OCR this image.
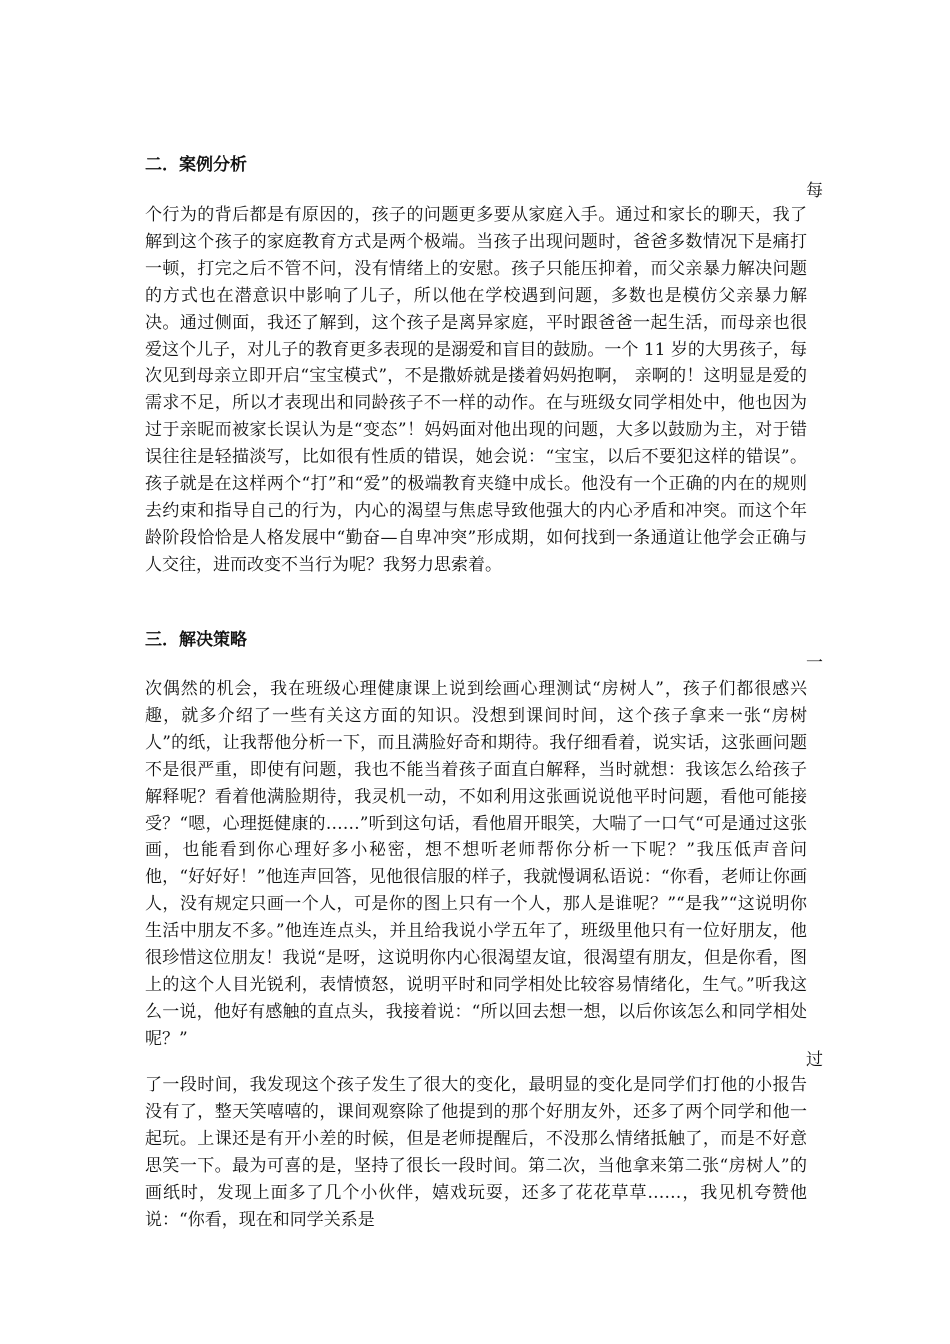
二．案例分析

每

个行为的背后都是有原因的，孩子的问题更多要从家庭入手。通过和家长的聊天，我了解到这个孩子的家庭教育方式是两个极端。当孩子出现问题时，爸爸多数情况下是痛打一顿，打完之后不管不问，没有情绪上的安慰。孩子只能压抑着，而父亲暴力解决问题的方式也在潜意识中影响了儿子，所以他在学校遇到问题，多数也是模仿父亲暴力解决。通过侧面，我还了解到，这个孩子是离异家庭，平时跟爸爸一起生活，而母亲也很爱这个儿子，对儿子的教育更多表现的是溺爱和盲目的鼓励。一个 11 岁的大男孩子，每次见到母亲立即开启“宝宝模式”，不是撒娇就是搂着妈妈抱啊， 亲啊的！这明显是爱的需求不足，所以才表现出和同龄孩子不一样的动作。在与班级女同学相处中，他也因为过于亲昵而被家长误认为是“变态”！妈妈面对他出现的问题，大多以鼓励为主，对于错误往往是轻描淡写，比如很有性质的错误，她会说：“宝宝，以后不要犯这样的错误”。孩子就是在这样两个“打”和“爱”的极端教育夹缝中成长。他没有一个正确的内在的规则去约束和指导自己的行为，内心的渴望与焦虑导致他强大的内心矛盾和冲突。而这个年龄阶段恰恰是人格发展中“勤奋—自卑冲突”形成期，如何找到一条通道让他学会正确与人交往，进而改变不当行为呢？我努力思索着。

三．解决策略

一

次偶然的机会，我在班级心理健康课上说到绘画心理测试“房树人”，孩子们都很感兴趣，就多介绍了一些有关这方面的知识。没想到课间时间，这个孩子拿来一张“房树人”的纸，让我帮他分析一下，而且满脸好奇和期待。我仔细看着，说实话，这张画问题不是很严重，即使有问题，我也不能当着孩子面直白解释，当时就想：我该怎么给孩子解释呢？看着他满脸期待，我灵机一动，不如利用这张画说说他平时问题，看他可能接受？“嗯，心理挺健康的……”听到这句话，看他眉开眼笑，大喘了一口气“可是通过这张画，也能看到你心理好多小秘密，想不想听老师帮你分析一下呢？”我压低声音问他，“好好好！”他连声回答，见他很信服的样子，我就慢调私语说：“你看，老师让你画人，没有规定只画一个人，可是你的图上只有一个人，那人是谁呢？”“是我”“这说明你生活中朋友不多。”他连连点头，并且给我说小学五年了，班级里他只有一位好朋友，他很珍惜这位朋友！我说“是呀，这说明你内心很渴望友谊，很渴望有朋友，但是你看，图上的这个人目光锐利，表情愤怒，说明平时和同学相处比较容易情绪化，生气。”听我这么一说，他好有感触的直点头，我接着说：“所以回去想一想，以后你该怎么和同学相处呢？”

过

了一段时间，我发现这个孩子发生了很大的变化，最明显的变化是同学们打他的小报告没有了，整天笑嘻嘻的，课间观察除了他提到的那个好朋友外，还多了两个同学和他一起玩。上课还是有开小差的时候，但是老师提醒后，不没那么情绪抵触了，而是不好意思笑一下。最为可喜的是，坚持了很长一段时间。第二次，当他拿来第二张“房树人”的画纸时，发现上面多了几个小伙伴，嬉戏玩耍，还多了花花草草……，我见机夸赞他说：“你看，现在和同学关系是
